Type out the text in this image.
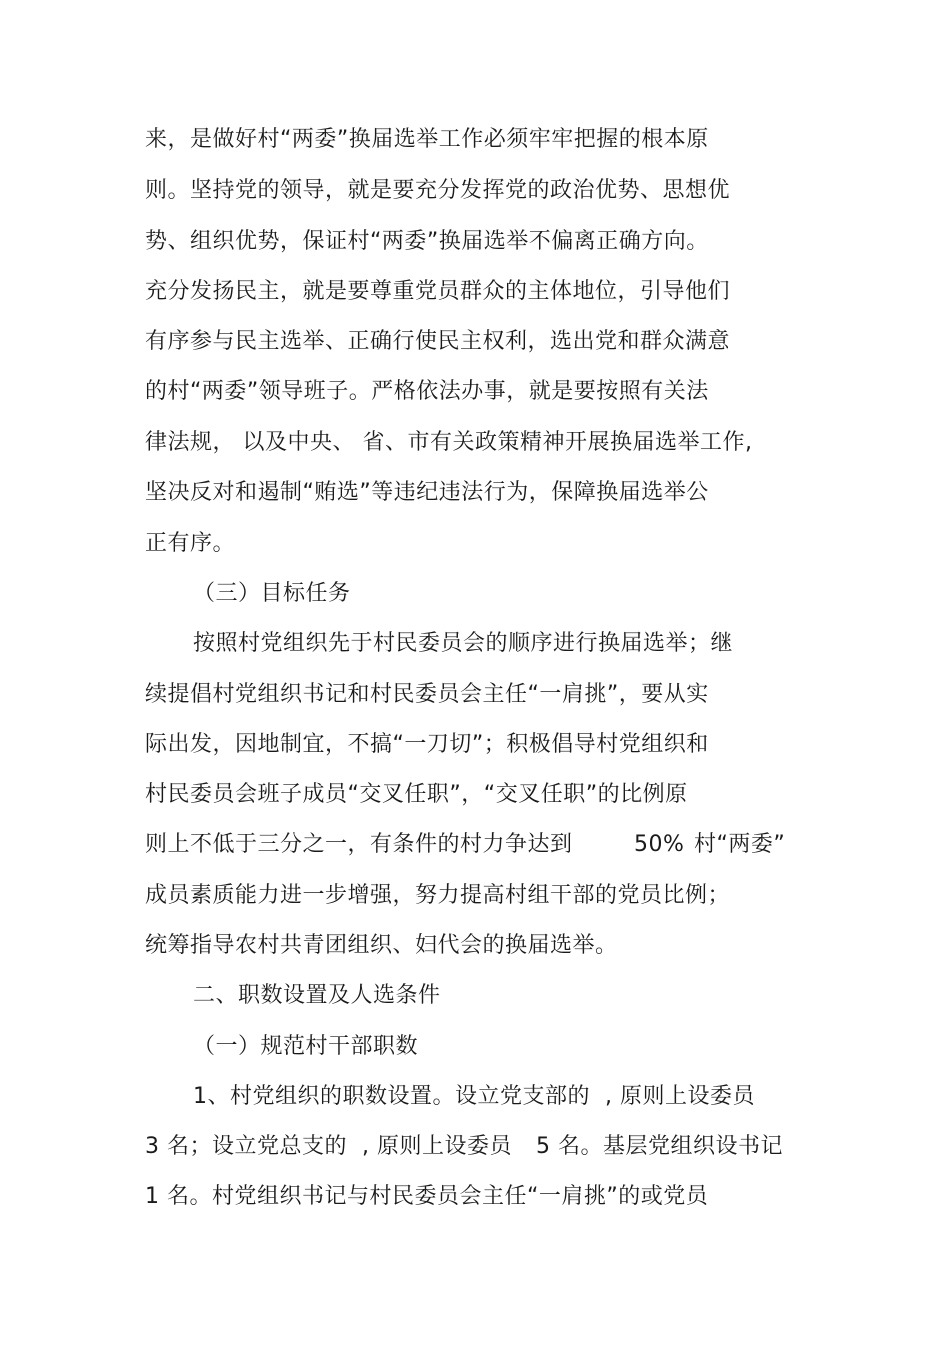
来，是做好村“两委”换届选举工作必须牢牢把握的根本原
则。坚持党的领导，就是要充分发挥党的政治优势、思想优
势、组织优势，保证村“两委”换届选举不偏离正确方向。
充分发扬民主，就是要尊重党员群众的主体地位，引导他们
有序参与民主选举、正确行使民主权利，选出党和群众满意
的村“两委”领导班子。严格依法办事，就是要按照有关法
律法规， 以及中央、 省、市有关政策精神开展换届选举工作,
坚决反对和遏制“贿选”等违纪违法行为，保障换届选举公
正有序。
（三）目标任务
按照村党组织先于村民委员会的顺序进行换届选举；继
续提倡村党组织书记和村民委员会主任“一肩挑”，要从实
际出发，因地制宜，不搞“一刀切”；积极倡导村党组织和
村民委员会班子成员“交叉任职”，“交叉任职”的比例原
则上不低于三分之一，有条件的村力争达到	50% 村“两委”
成员素质能力进一步增强，努力提高村组干部的党员比例；
统筹指导农村共青团组织、妇代会的换届选举。
二、职数设置及人选条件
（一）规范村干部职数
1、村党组织的职数设置。设立党支部的 , 原则上设委员
3 名；设立党总支的 , 原则上设委员 5 名。基层党组织设书记
1 名。村党组织书记与村民委员会主任“一肩挑”的或党员
